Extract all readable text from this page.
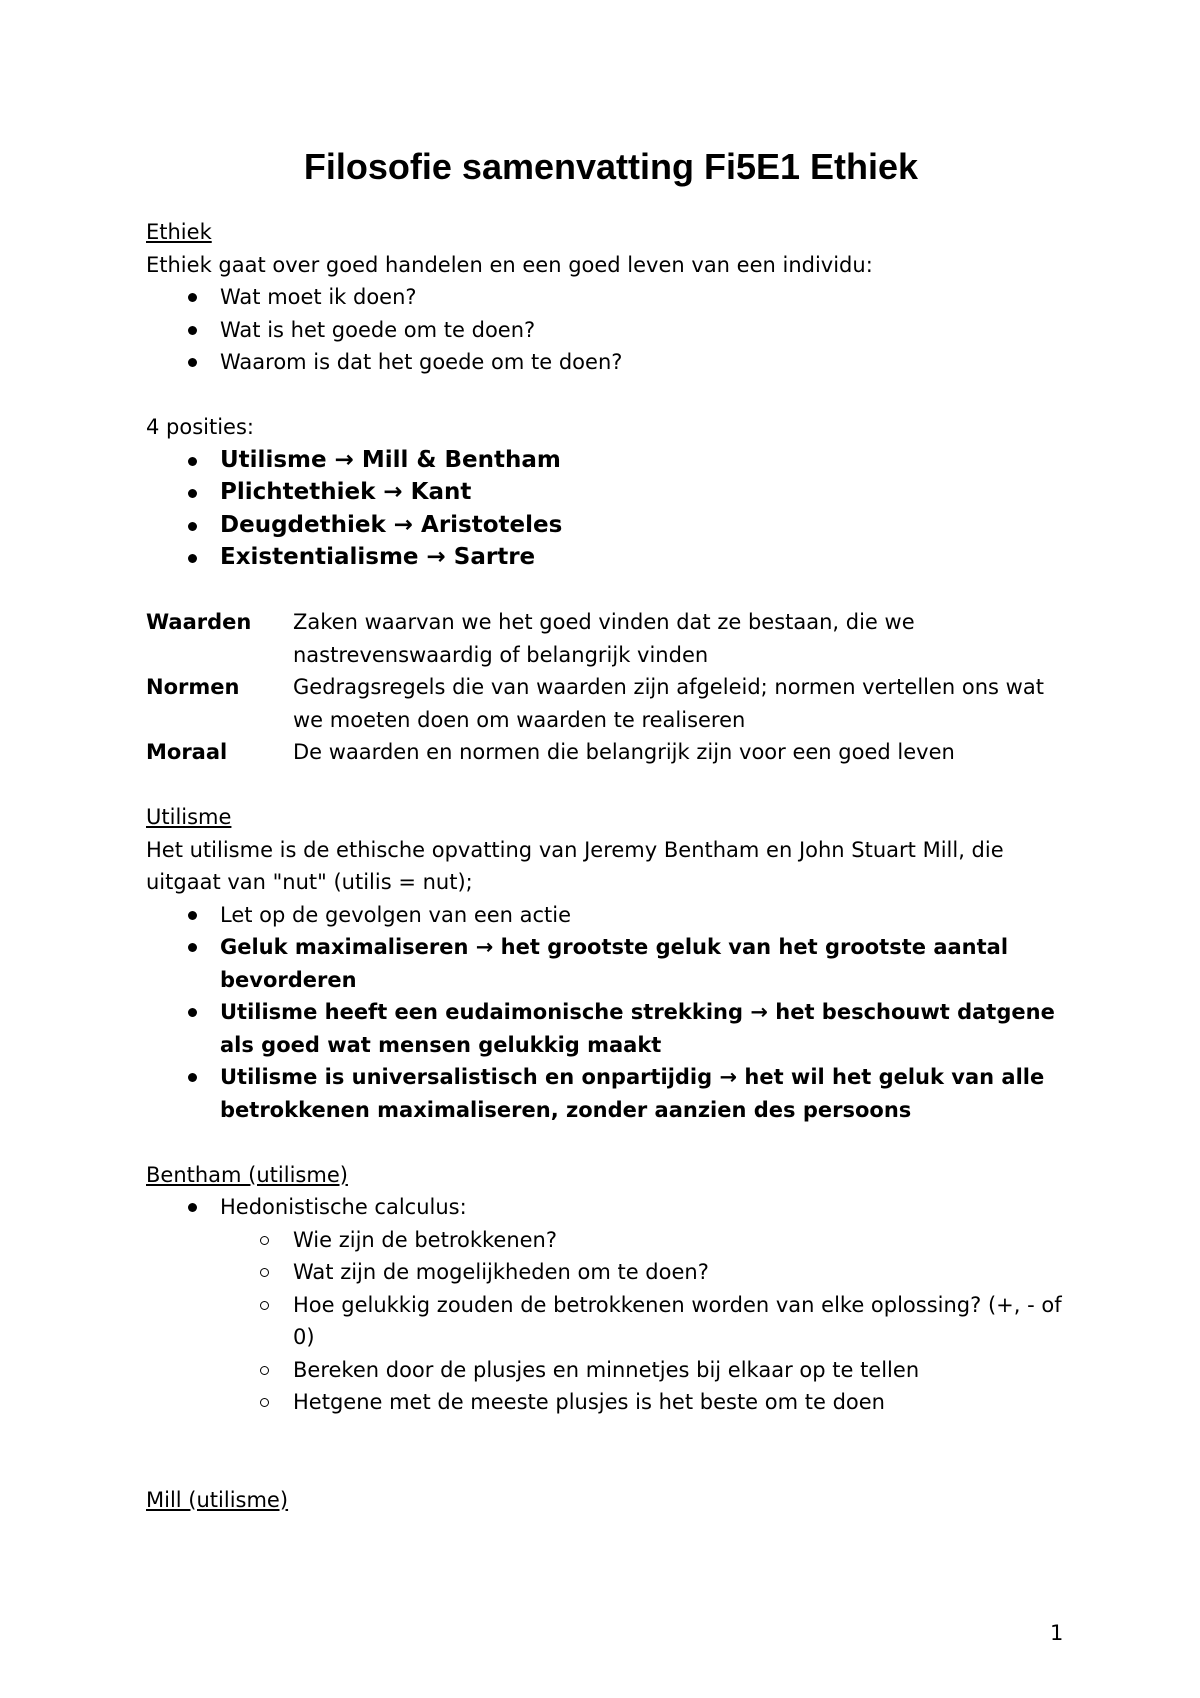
Filosofie samenvatting Fi5E1 Ethiek
Ethiek
Ethiek gaat over goed handelen en een goed leven van een individu:
Wat moet ik doen?
Wat is het goede om te doen?
Waarom is dat het goede om te doen?
4 posities:
Utilisme → Mill & Bentham
Plichtethiek → Kant
Deugdethiek → Aristoteles
Existentialisme → Sartre
Waarden	Zaken waarvan we het goed vinden dat ze bestaan, die we nastrevenswaardig of belangrijk vinden
Normen	Gedragsregels die van waarden zijn afgeleid; normen vertellen ons wat we moeten doen om waarden te realiseren
Moraal	De waarden en normen die belangrijk zijn voor een goed leven
Utilisme
Het utilisme is de ethische opvatting van Jeremy Bentham en John Stuart Mill, die uitgaat van "nut" (utilis = nut);
Let op de gevolgen van een actie
Geluk maximaliseren → het grootste geluk van het grootste aantal bevorderen
Utilisme heeft een eudaimonische strekking → het beschouwt datgene als goed wat mensen gelukkig maakt
Utilisme is universalistisch en onpartijdig → het wil het geluk van alle betrokkenen maximaliseren, zonder aanzien des persoons
Bentham (utilisme)
Hedonistische calculus:
Wie zijn de betrokkenen?
Wat zijn de mogelijkheden om te doen?
Hoe gelukkig zouden de betrokkenen worden van elke oplossing? (+, - of 0)
Bereken door de plusjes en minnetjes bij elkaar op te tellen
Hetgene met de meeste plusjes is het beste om te doen
Mill (utilisme)
1
